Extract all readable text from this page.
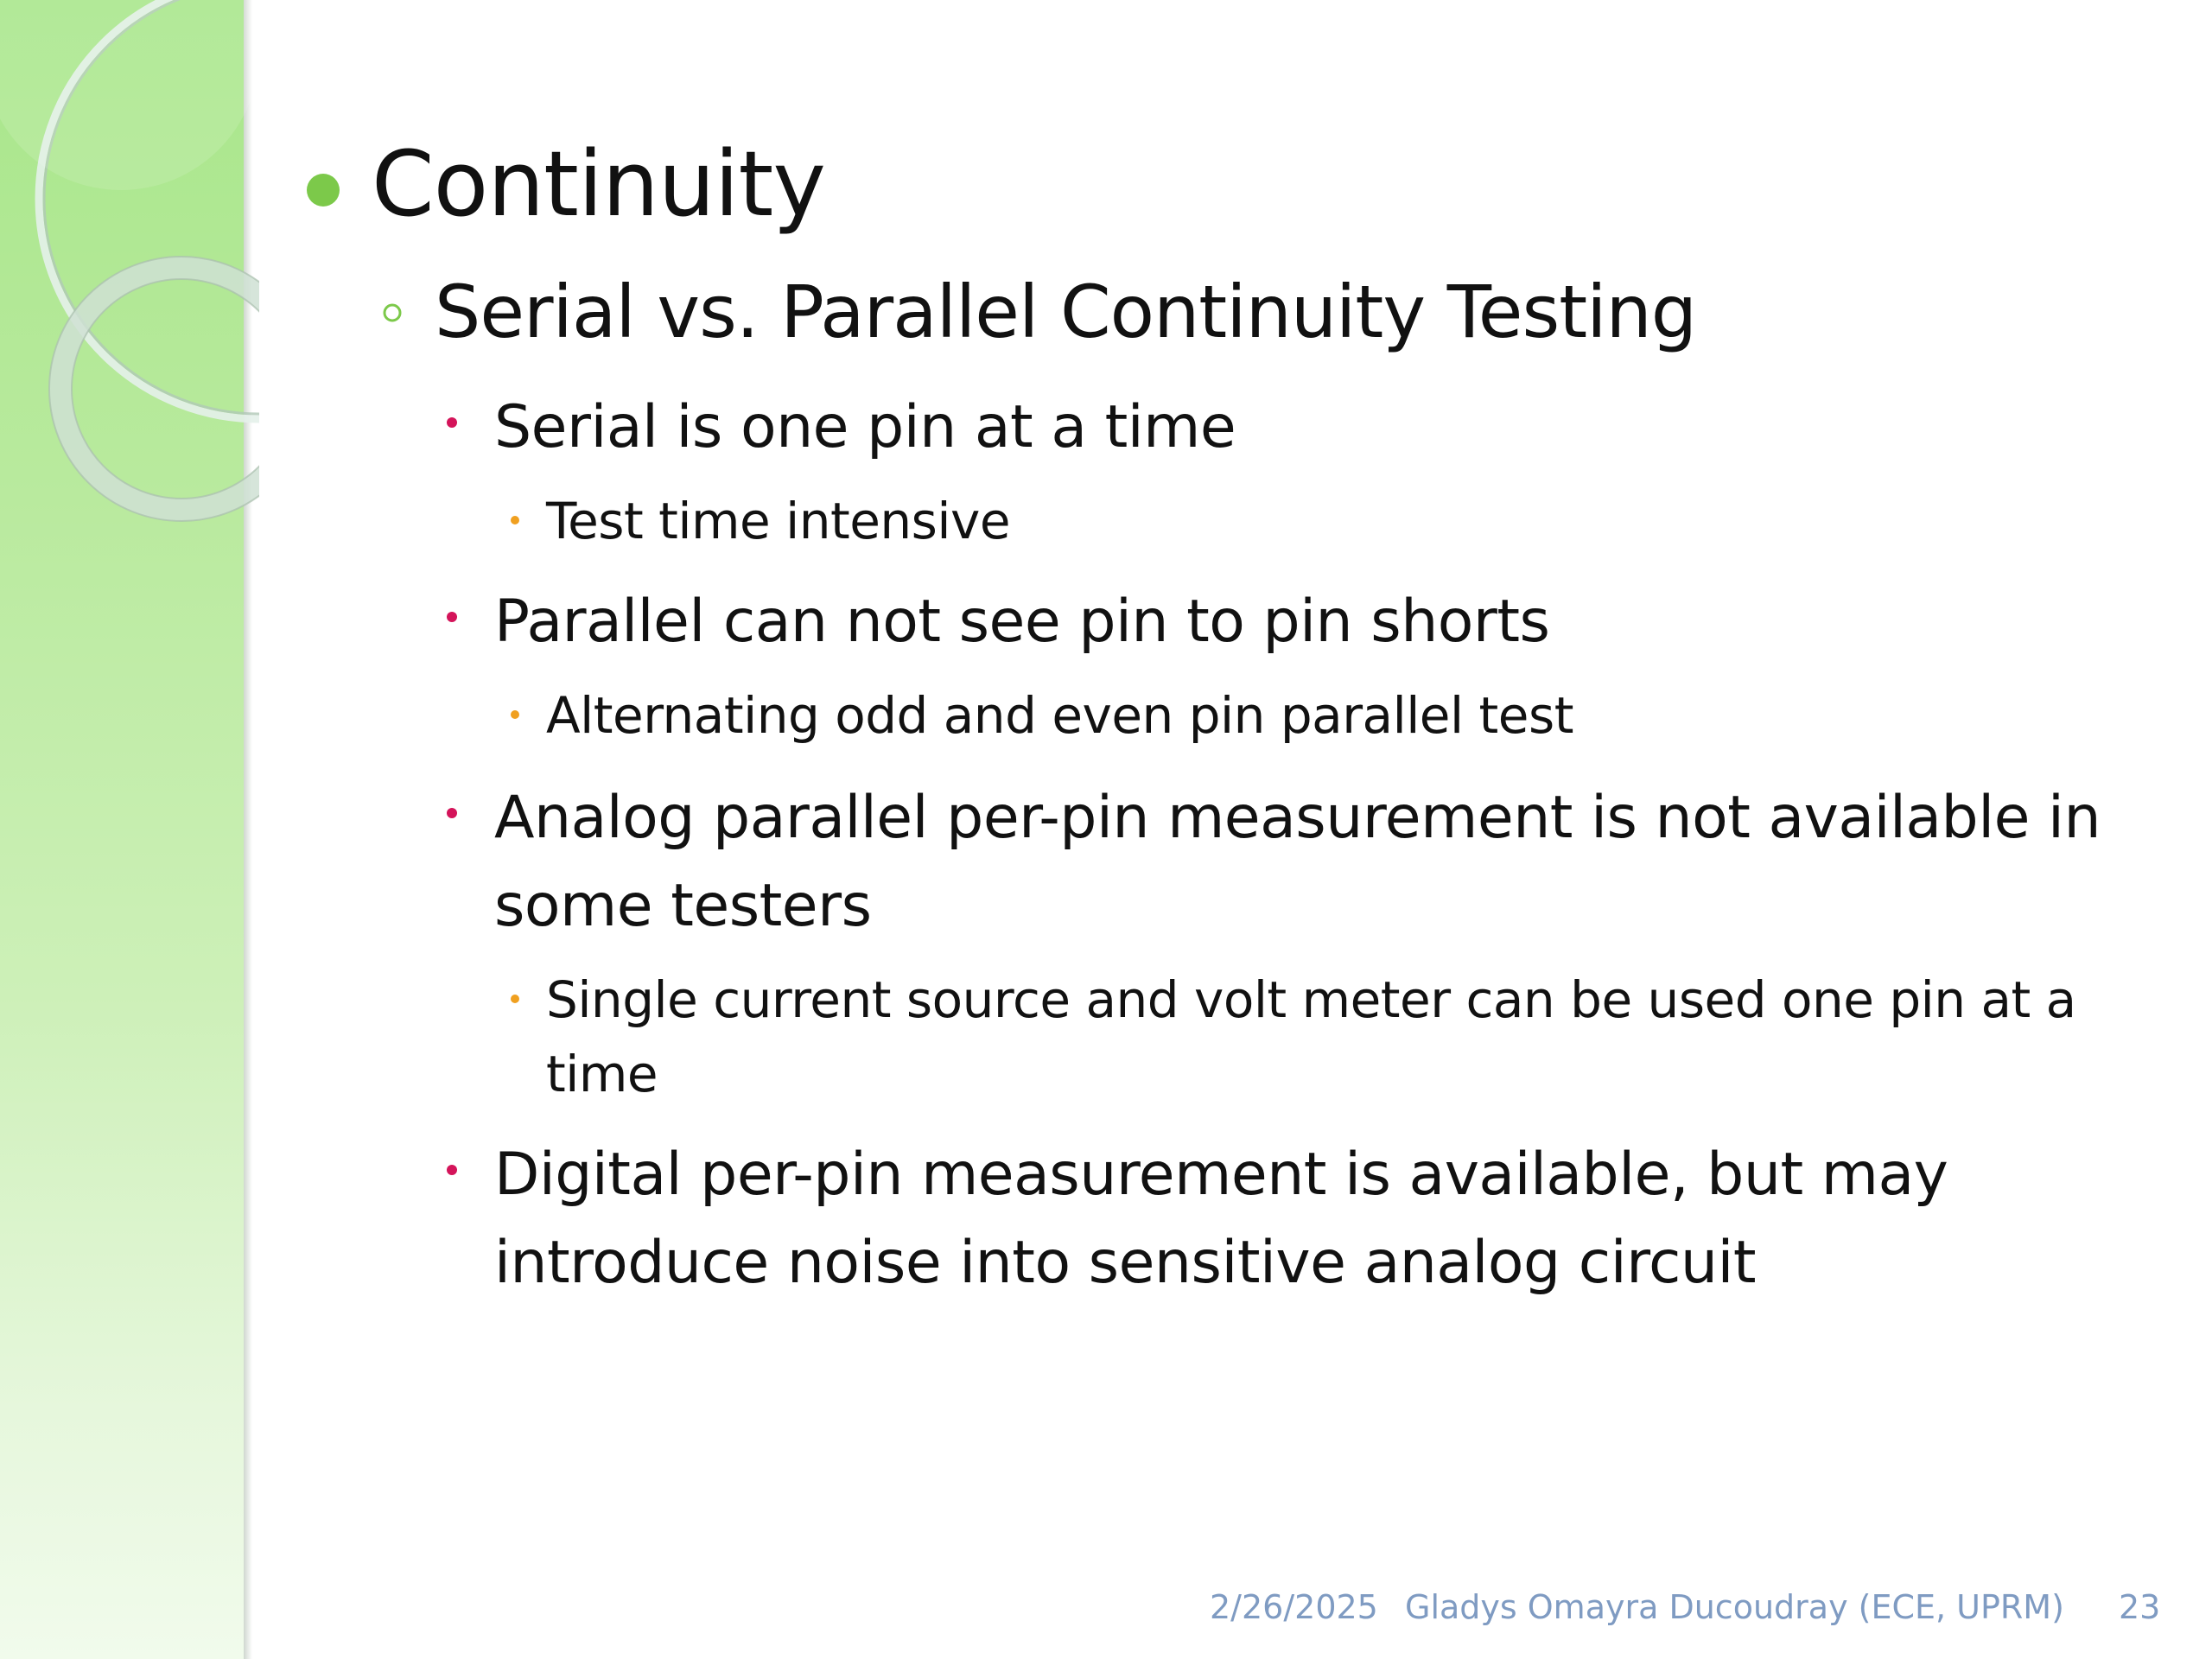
Continuity
Serial vs. Parallel Continuity Testing
Serial is one pin at a time
Test time intensive
Parallel can not see pin to pin shorts
Alternating odd and even pin parallel test
Analog parallel per-pin measurement is not available in some testers
Single current source and volt meter can be used one pin at a time
Digital per-pin measurement is available, but may introduce noise into sensitive analog circuit
2/26/2025 Gladys Omayra Ducoudray (ECE, UPRM) 23
